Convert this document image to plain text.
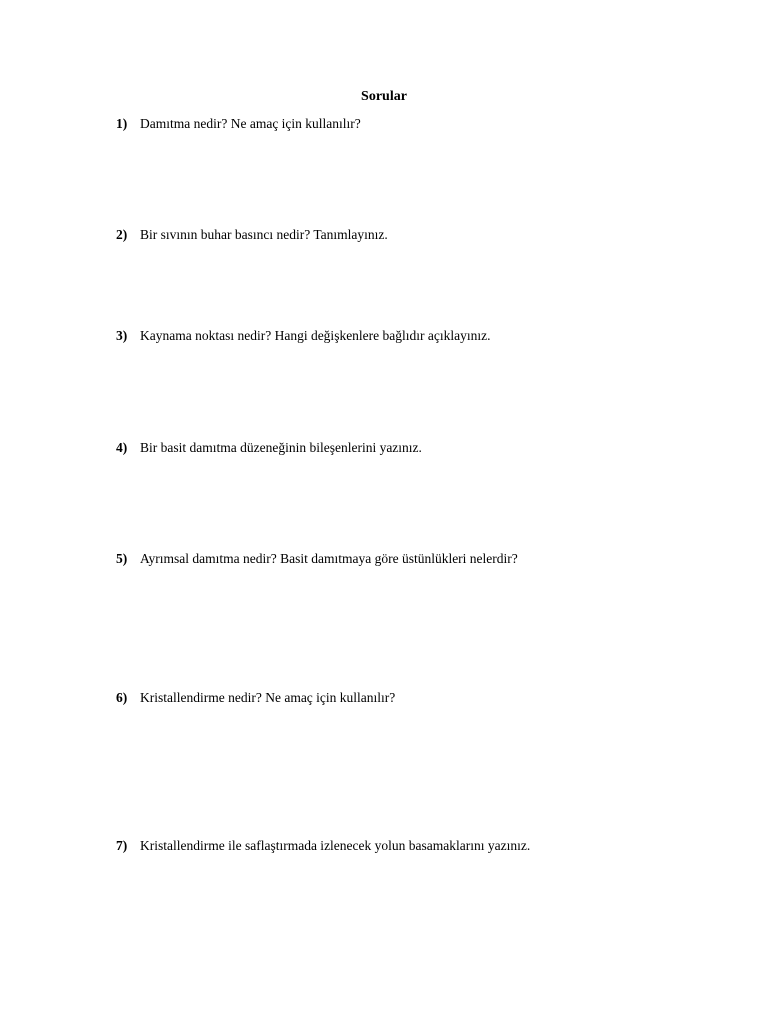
Sorular
1) Damıtma nedir? Ne amaç için kullanılır?
2) Bir sıvının buhar basıncı nedir? Tanımlayınız.
3) Kaynama noktası nedir? Hangi değişkenlere bağlıdır açıklayınız.
4) Bir basit damıtma düzeneğinin bileşenlerini yazınız.
5) Ayrımsal damıtma nedir? Basit damıtmaya göre üstünlükleri nelerdir?
6) Kristallendirme nedir? Ne amaç için kullanılır?
7) Kristallendirme ile saflaştırmada izlenecek yolun basamaklarını yazınız.
